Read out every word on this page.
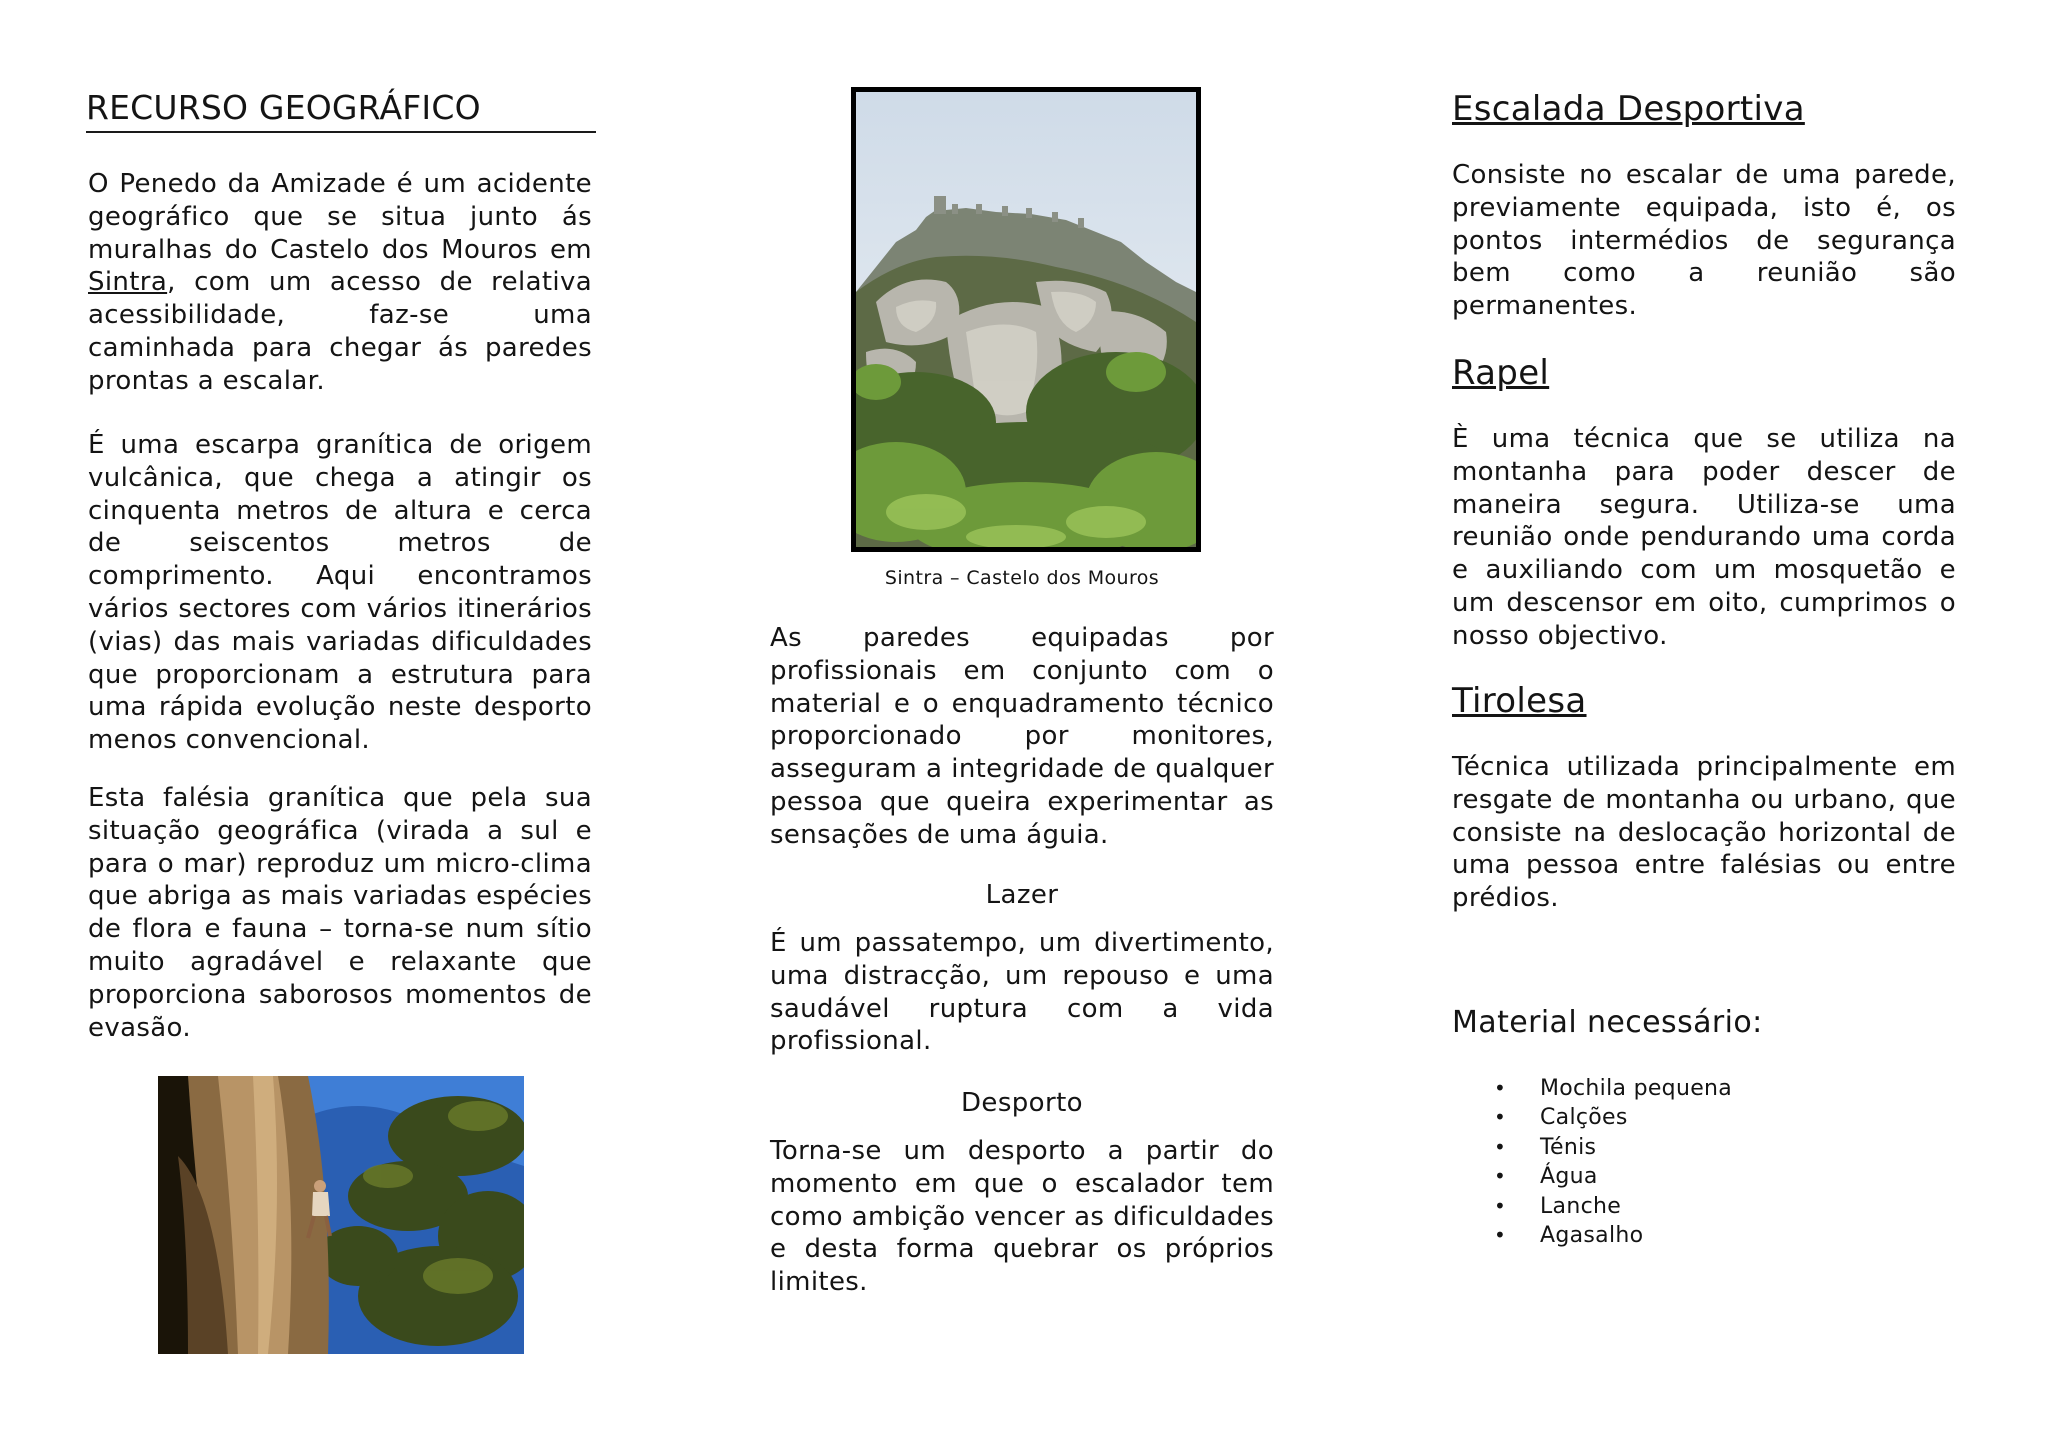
RECURSO GEOGRÁFICO

O Penedo da Amizade é um acidente geográfico que se situa junto ás muralhas do Castelo dos Mouros em Sintra, com um acesso de relativa acessibilidade, faz-se uma caminhada para chegar ás paredes prontas a escalar.

É uma escarpa granítica de origem vulcânica, que chega a atingir os cinquenta metros de altura e cerca de seiscentos metros de comprimento. Aqui encontramos vários sectores com vários itinerários (vias) das mais variadas dificuldades que proporcionam a estrutura para uma rápida evolução neste desporto menos convencional.

Esta falésia granítica que pela sua situação geográfica (virada a sul e para o mar) reproduz um micro-clima que abriga as mais variadas espécies de flora e fauna – torna-se num sítio muito agradável e relaxante que proporciona saborosos momentos de evasão.

Sintra – Castelo dos Mouros

As paredes equipadas por profissionais em conjunto com o material e o enquadramento técnico proporcionado por monitores, asseguram a integridade de qualquer pessoa que queira experimentar as sensações de uma águia.

Lazer

É um passatempo, um divertimento, uma distracção, um repouso e uma saudável ruptura com a vida profissional.

Desporto

Torna-se um desporto a partir do momento em que o escalador tem como ambição vencer as dificuldades e desta forma quebrar os próprios limites.

Escalada Desportiva

Consiste no escalar de uma parede, previamente equipada, isto é, os pontos intermédios de segurança bem como a reunião são permanentes.

Rapel

È uma técnica que se utiliza na montanha para poder descer de maneira segura. Utiliza-se uma reunião onde pendurando uma corda e auxiliando com um mosquetão e um descensor em oito, cumprimos o nosso objectivo.

Tirolesa

Técnica utilizada principalmente em resgate de montanha ou urbano, que consiste na deslocação horizontal de uma pessoa entre falésias ou entre prédios.

Material necessário:
• Mochila pequena
• Calções
• Ténis
• Água
• Lanche
• Agasalho
